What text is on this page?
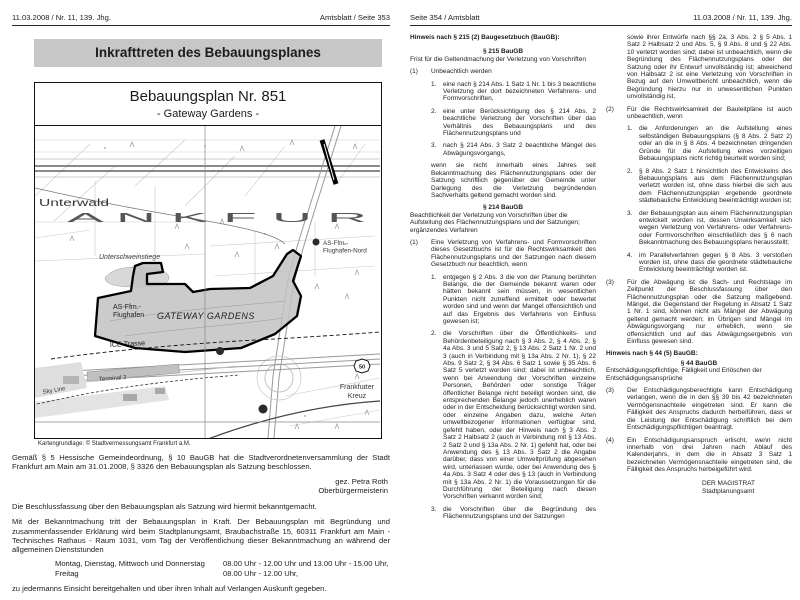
11.03.2008 / Nr. 11, 139. Jhg.	Amtsblatt / Seite 353
Inkrafttreten des Bebauungsplanes
Bebauungsplan Nr. 851
- Gateway Gardens -
50
Unterwald
A N K F U R
Unterschweinstiege
AS-Ffm.-
Flughafen-Nord
AS-Ffm.-
Flughafen GATEWAY GARDENS
ICE-Trasse
Sky Line
Terminal 2
Frankfurter
Kreuz
Kartengrundlage: © Stadtvermessungsamt Frankfurt a.M.

Gemäß § 5 Hessische Gemeindeordnung, § 10 BauGB hat die Stadtverordnetenversammlung der Stadt Frankfurt am Main am 31.01.2008, § 3326 den Bebauungsplan als Satzung beschlossen.

gez. Petra Roth
Oberbürgermeisterin

Die Beschlussfassung über den Bebauungsplan als Satzung wird hiermit bekanntgemacht.

Mit der Bekanntmachung tritt der Bebauungsplan in Kraft. Der Bebauungsplan mit Begründung und zusammenfassender Erklärung wird beim Stadtplanungsamt, Braubachstraße 15, 60311 Frankfurt am Main - Technisches Rathaus - Raum 1031, vom Tag der Veröffentlichung dieser Bekanntmachung an während der allgemeinen Dienststunden

Montag, Dienstag, Mittwoch und Donnerstag	08.00 Uhr - 12.00 Uhr und 13.00 Uhr - 15.00 Uhr,
Freitag	08.00 Uhr - 12.00 Uhr,

zu jedermanns Einsicht bereitgehalten und über ihren Inhalt auf Verlangen Auskunft gegeben.

Seite 354 / Amtsblatt	11.03.2008 / Nr. 11, 139. Jhg.
Hinweis nach § 215 (2) Baugesetzbuch (BauGB):
§ 215 BauGB
Frist für die Geltendmachung der Verletzung von Vorschriften
(1)	Unbeachtlich werden
1.	eine nach § 214 Abs. 1 Satz 1 Nr. 1 bis 3 beachtliche Verletzung der dort bezeichneten Verfahrens- und Formvorschriften,
2.	eine unter Berücksichtigung des § 214 Abs. 2 beachtliche Verletzung der Vorschriften über das Verhältnis des Bebauungsplans und des Flächennutzungsplans und
3.	nach § 214 Abs. 3 Satz 2 beachtliche Mängel des Abwägungsvorgangs,
wenn sie nicht innerhalb eines Jahres seit Bekanntmachung des Flächennutzungsplans oder der Satzung schriftlich gegenüber der Gemeinde unter Darlegung des die Verletzung begründenden Sachverhalts geltend gemacht worden sind.
§ 214 BauGB
Beachtlichkeit der Verletzung von Vorschriften über die Aufstellung des Flächennutzungsplans und der Satzungen; ergänzendes Verfahren
(1)	Eine Verletzung von Verfahrens- und Formvorschriften dieses Gesetzbuchs ist für die Rechtswirksamkeit des Flächennutzungsplans und der Satzungen nach diesem Gesetzbuch nur beachtlich, wenn
1.	entgegen § 2 Abs. 3 die von der Planung berührten Belange, die der Gemeinde bekannt waren oder hätten bekannt sein müssen, in wesentlichen Punkten nicht zutreffend ermittelt oder bewertet worden sind und wenn der Mangel offensichtlich und auf das Ergebnis des Verfahrens von Einfluss gewesen ist;
2.	die Vorschriften über die Öffentlichkeits- und Behördenbeteiligung nach § 3 Abs. 2, § 4 Abs. 2, § 4a Abs. 3 und 5 Satz 2, § 13 Abs. 2 Satz 1 Nr. 2 und 3 (auch in Verbindung mit § 13a Abs. 2 Nr. 1), § 22 Abs. 9 Satz 2, § 34 Abs. 6 Satz 1 sowie § 35 Abs. 6 Satz 5 verletzt worden sind; dabei ist unbeachtlich, wenn bei Anwendung der Vorschriften einzelne Personen, Behörden oder sonstige Träger öffentlicher Belange nicht beteiligt worden sind, die entsprechenden Belange jedoch unerheblich waren oder in der Entscheidung berücksichtigt worden sind, oder einzelne Angaben dazu, welche Arten umweltbezogener Informationen verfügbar sind, gefehlt haben, oder der Hinweis nach § 3 Abs. 2 Satz 2 Halbsatz 2 (auch in Verbindung mit § 13 Abs. 2 Satz 2 und § 13a Abs. 2 Nr. 1) gefehlt hat, oder bei Anwendung des § 13 Abs. 3 Satz 2 die Angabe darüber, dass von einer Umweltprüfung abgesehen wird, unterlassen wurde, oder bei Anwendung des § 4a Abs. 3 Satz 4 oder des § 13 (auch in Verbindung mit § 13a Abs. 2 Nr. 1) die Voraussetzungen für die Durchführung der Beteiligung nach diesen Vorschriften verkannt worden sind;
3.	die Vorschriften über die Begründung des Flächennutzungsplans und der Satzungen
sowie ihrer Entwürfe nach §§ 2a, 3 Abs. 2 § 5 Abs. 1 Satz 2 Halbsatz 2 und Abs. 5, § 9 Abs. 8 und § 22 Abs. 10 verletzt worden sind; dabei ist unbeachtlich, wenn die Begründung des Flächennutzungsplans oder der Satzung oder ihr Entwurf unvollständig ist; abweichend von Halbsatz 2 ist eine Verletzung von Vorschriften in Bezug auf den Umweltbericht unbeachtlich, wenn die Begründung hierzu nur in unwesentlichen Punkten unvollständig ist,
(2)	Für die Rechtswirksamkeit der Bauleitpläne ist auch unbeachtlich, wenn
1.	die Anforderungen an die Aufstellung eines selbständigen Bebauungsplans (§ 8 Abs. 2 Satz 2) oder an die in § 8 Abs. 4 bezeichneten dringenden Gründe für die Aufstellung eines vorzeitigen Bebauungsplans nicht richtig beurteilt worden sind;
2.	§ 8 Abs. 2 Satz 1 hinsichtlich des Entwickelns des Bebauungsplans aus dem Flächennutzungsplan verletzt worden ist, ohne dass hierbei die sich aus dem Flächennutzungsplan ergebende geordnete städtebauliche Entwicklung beeinträchtigt worden ist;
3.	der Bebauungsplan aus einem Flächennutzungsplan entwickelt worden ist, dessen Unwirksamkeit sich wegen Verletzung von Verfahrens- oder Verfahrens- oder Formvorschriften einschließlich des § 6 nach Bekanntmachung des Bebauungsplans herausstellt;
4.	im Parallelverfahren gegen § 8 Abs. 3 verstoßen worden ist, ohne dass die geordnete städtebauliche Entwicklung beeinträchtigt worden ist.
(3)	Für die Abwägung ist die Sach- und Rechtslage im Zeitpunkt der Beschlussfassung über den Flächennutzungsplan oder die Satzung maßgebend. Mängel, die Gegenstand der Regelung in Absatz 1 Satz 1 Nr. 1 sind, können nicht als Mängel der Abwägung geltend gemacht werden; im Übrigen sind Mängel im Abwägungsvorgang nur erheblich, wenn sie offensichtlich und auf das Abwägungsergebnis von Einfluss gewesen sind.
Hinweis nach § 44 (5) BauGB:
§ 44 BauGB
Entschädigungspflichtige, Fälligkeit und Erlöschen der Entschädigungsansprüche
(3)	Der Entschädigungsberechtigte kann Entschädigung verlangen, wenn die in den §§ 39 bis 42 bezeichneten Vermögensnachteile eingetreten sind. Er kann die Fälligkeit des Anspruchs dadurch herbeiführen, dass er die Leistung der Entschädigung schriftlich bei dem Entschädigungspflichtigen beantragt.
(4)	Ein Entschädigungsanspruch erlischt, wenn nicht innerhalb von drei Jahren nach Ablauf des Kalenderjahrs, in dem die in Absatz 3 Satz 1 bezeichneten Vermögensnachteile eingetreten sind, die Fälligkeit des Anspruchs herbeigeführt wird.
DER MAGISTRAT
Stadtplanungsamt
